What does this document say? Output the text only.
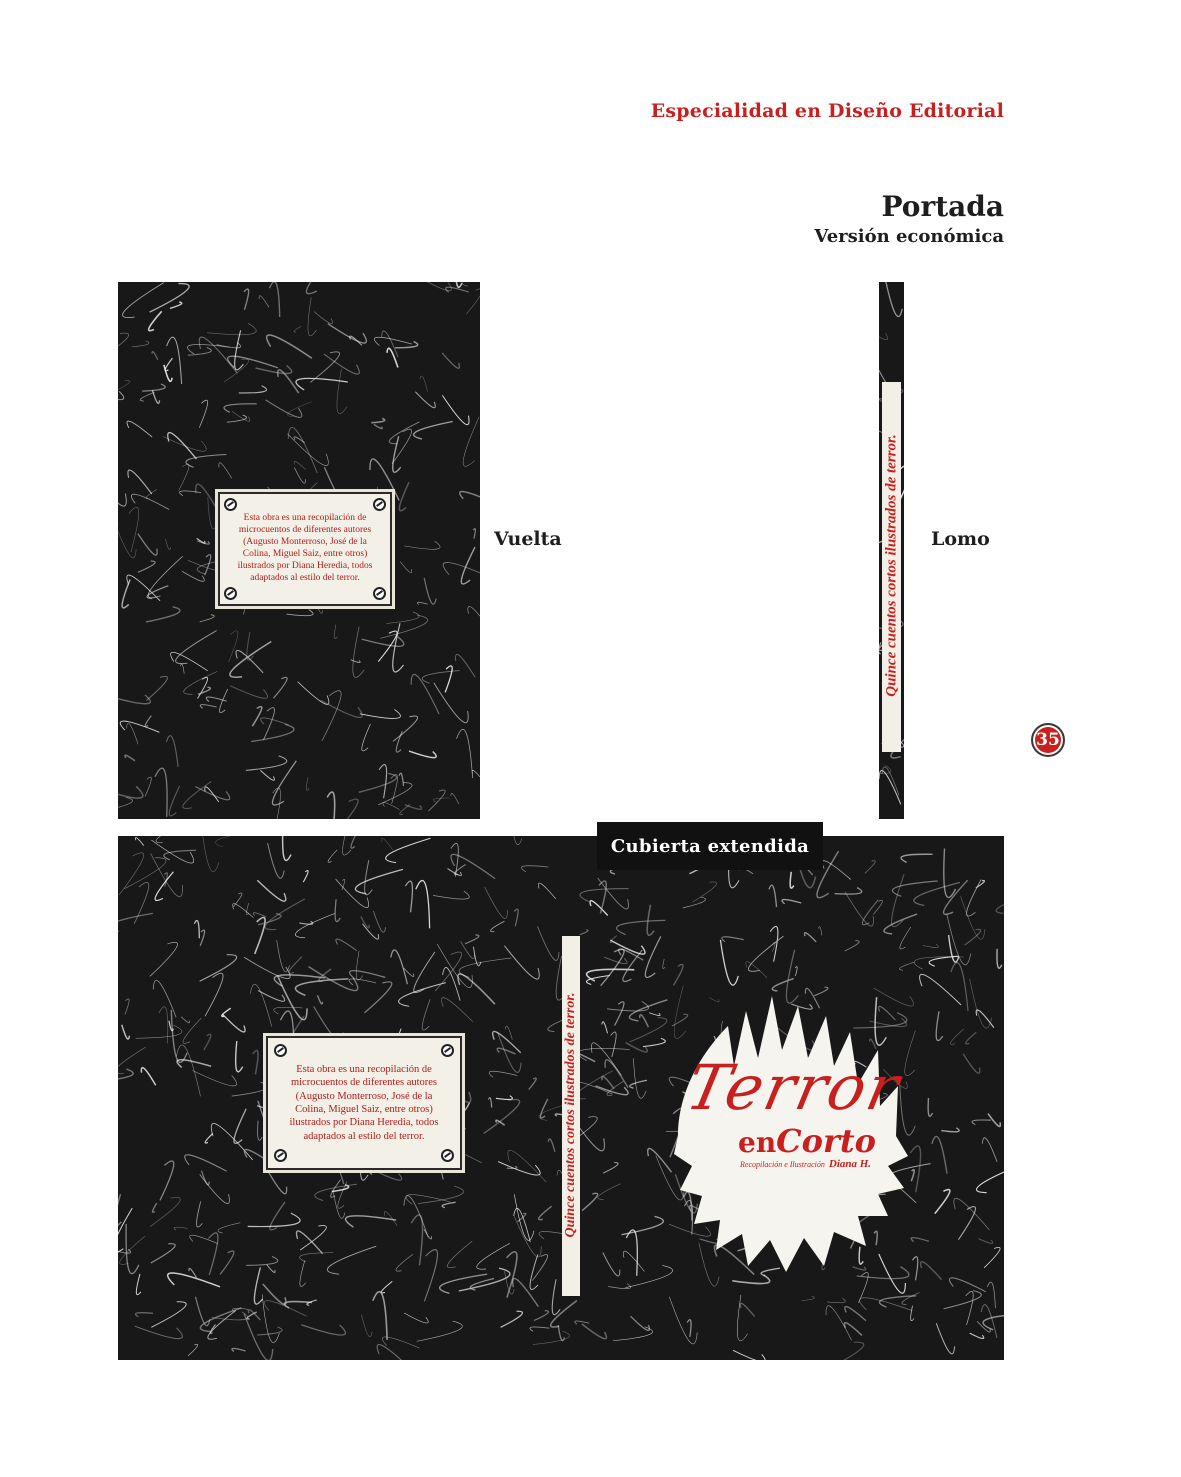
Especialidad en Diseño Editorial
Portada
Versión económica
Esta obra es una recopilación de microcuentos de diferentes autores (Augusto Monterroso, José de la Colina, Miguel Saiz, entre otros) ilustrados por Diana Heredia, todos adaptados al estilo del terror.
Vuelta	Quince cuentos cortos ilustrados de terror. Lomo
35
Esta obra es una recopilación de microcuentos de diferentes autores (Augusto Monterroso, José de la Colina, Miguel Saiz, entre otros) ilustrados por Diana Heredia, todos adaptados al estilo del terror.	Quince cuentos cortos ilustrados de terror. Terror
enCorto
Recopilación e Ilustración Diana H.
Cubierta extendida
